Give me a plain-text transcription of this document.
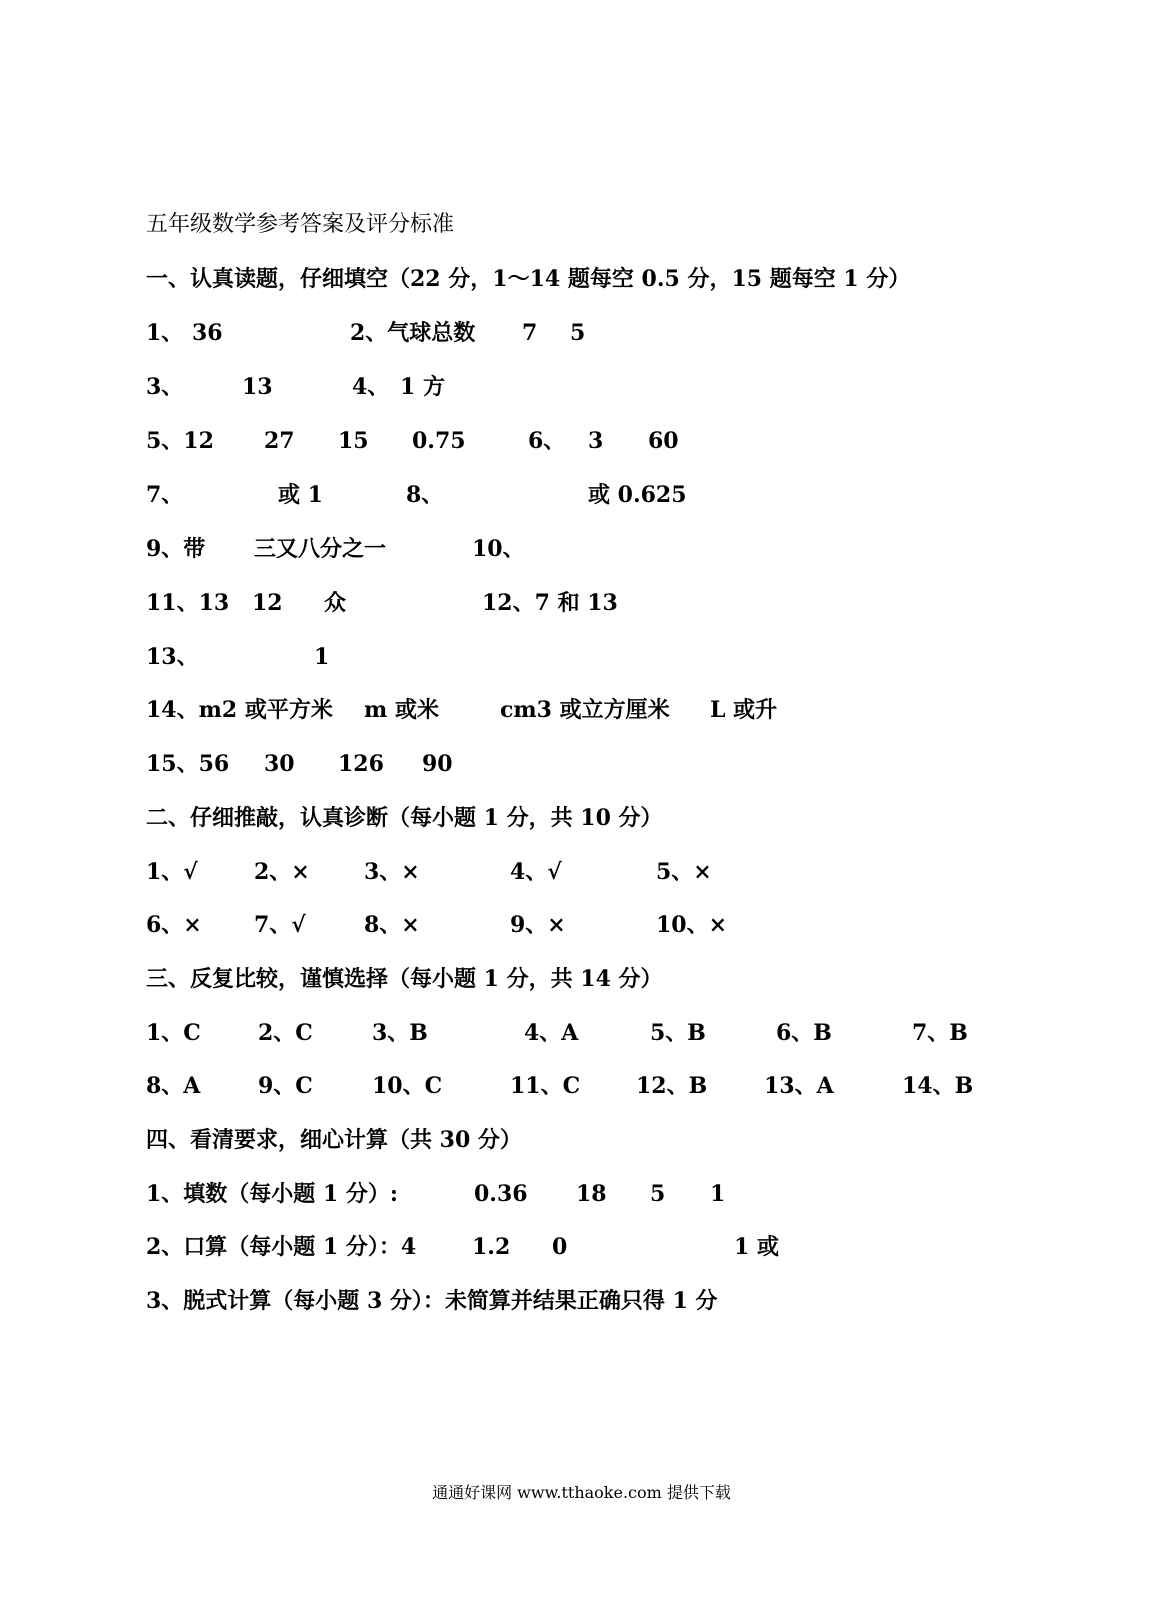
五年级数学参考答案及评分标准
一、认真读题，仔细填空（22 分，1～14 题每空 0.5 分，15 题每空 1 分）
1、 36	2、气球总数 7 5
3、	13	4、 1 方
5、12 27 15 0.75	6、 3 60
7、	或 1	8、	或 0.625
9、带 三又八分之一	10、
11、13 12 众	12、7 和 13
13、	1
14、m2 或平方米 m 或米	cm3 或立方厘米 L 或升
15、56 30 126 90
二、仔细推敲，认真诊断（每小题 1 分，共 10 分）
1、√	2、× 3、×	4、√	5、×
6、× 7、√	8、×	9、×	10、×
三、反复比较，谨慎选择（每小题 1 分，共 14 分）
1、C	2、C	3、B	4、A	5、B	6、B	7、B
8、A	9、C	10、C	11、C	12、B	13、A	14、B
四、看清要求，细心计算（共 30 分）
1、填数（每小题 1 分）:	0.36 18 5 1
2、口算（每小题 1 分）：4	1.2 0	1 或
3、脱式计算（每小题 3 分）：未简算并结果正确只得 1 分
通通好课网 www.tthaoke.com 提供下载
